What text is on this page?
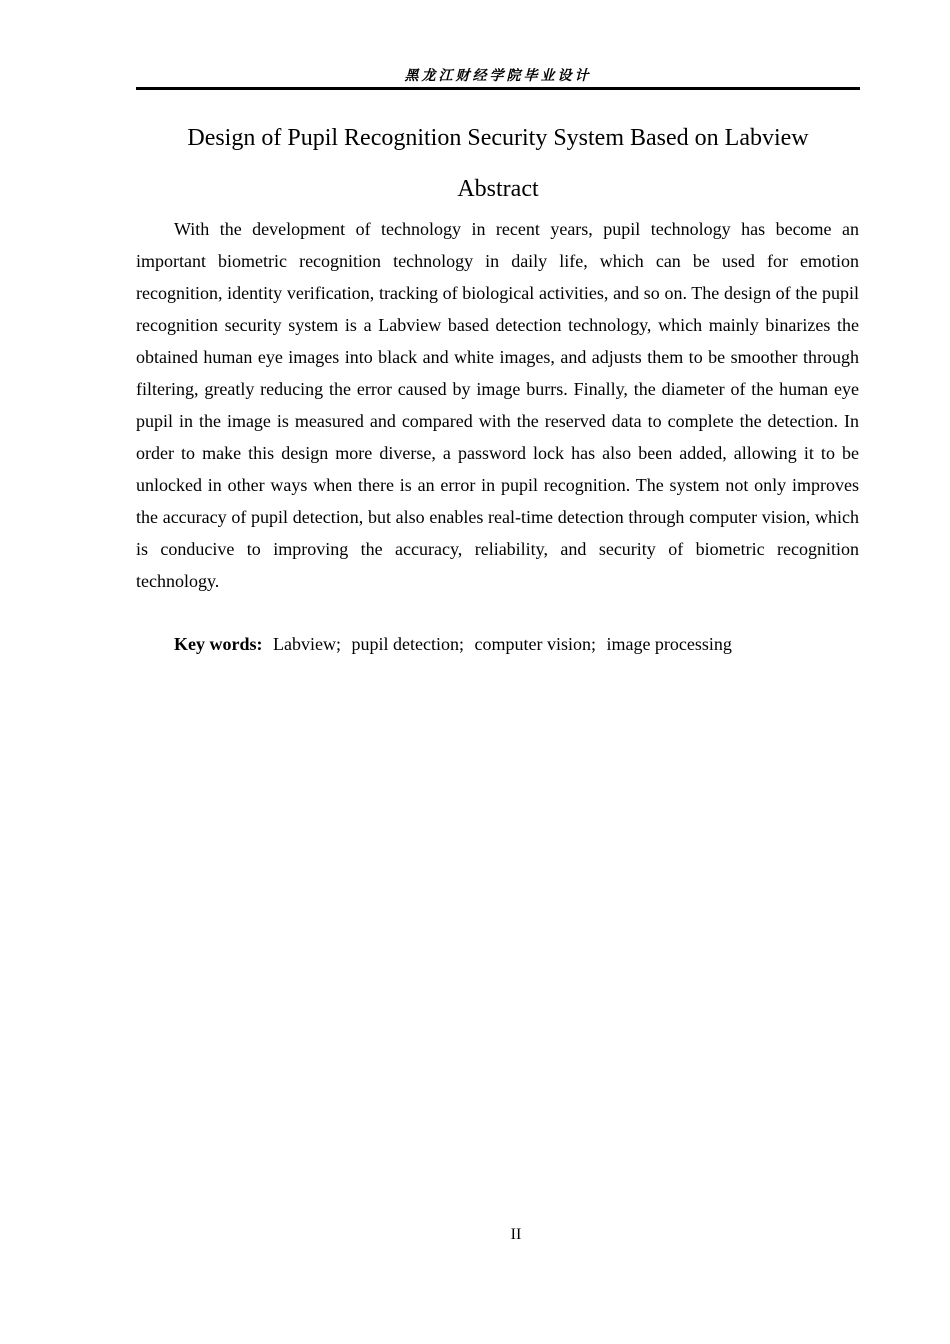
黑龙江财经学院毕业设计
Design of Pupil Recognition Security System Based on Labview
Abstract

With the development of technology in recent years, pupil technology has become an important biometric recognition technology in daily life, which can be used for emotion recognition, identity verification, tracking of biological activities, and so on. The design of the pupil recognition security system is a Labview based detection technology, which mainly binarizes the obtained human eye images into black and white images, and adjusts them to be smoother through filtering, greatly reducing the error caused by image burrs. Finally, the diameter of the human eye pupil in the image is measured and compared with the reserved data to complete the detection. In order to make this design more diverse, a password lock has also been added, allowing it to be unlocked in other ways when there is an error in pupil recognition. The system not only improves the accuracy of pupil detection, but also enables real-time detection through computer vision, which is conducive to improving the accuracy, reliability, and security of biometric recognition technology.

Key words: Labview; pupil detection; computer vision; image processing

II
